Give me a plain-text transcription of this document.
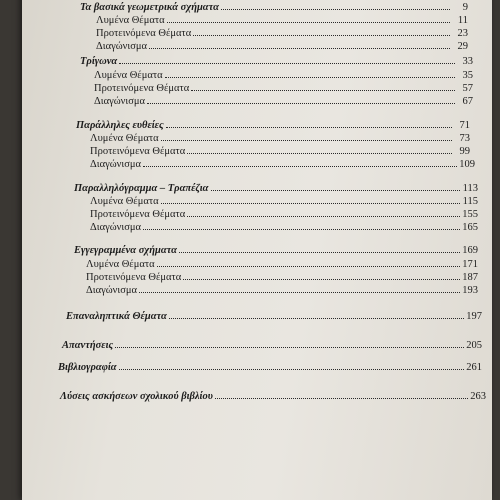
Τα βασικά γεωμετρικά σχήματα	9
Λυμένα Θέματα	11
Προτεινόμενα Θέματα	23
Διαγώνισμα	29
Τρίγωνα	33
Λυμένα Θέματα	35
Προτεινόμενα Θέματα	57
Διαγώνισμα	67
Παράλληλες ευθείες	71
Λυμένα Θέματα	73
Προτεινόμενα Θέματα	99
Διαγώνισμα	109
Παραλληλόγραμμα – Τραπέζια	113
Λυμένα Θέματα	115
Προτεινόμενα Θέματα	155
Διαγώνισμα	165
Εγγεγραμμένα σχήματα	169
Λυμένα Θέματα	171
Προτεινόμενα Θέματα	187
Διαγώνισμα	193
Επαναληπτικά Θέματα	197
Απαντήσεις	205
Βιβλιογραφία	261
Λύσεις ασκήσεων σχολικού βιβλίου	263
